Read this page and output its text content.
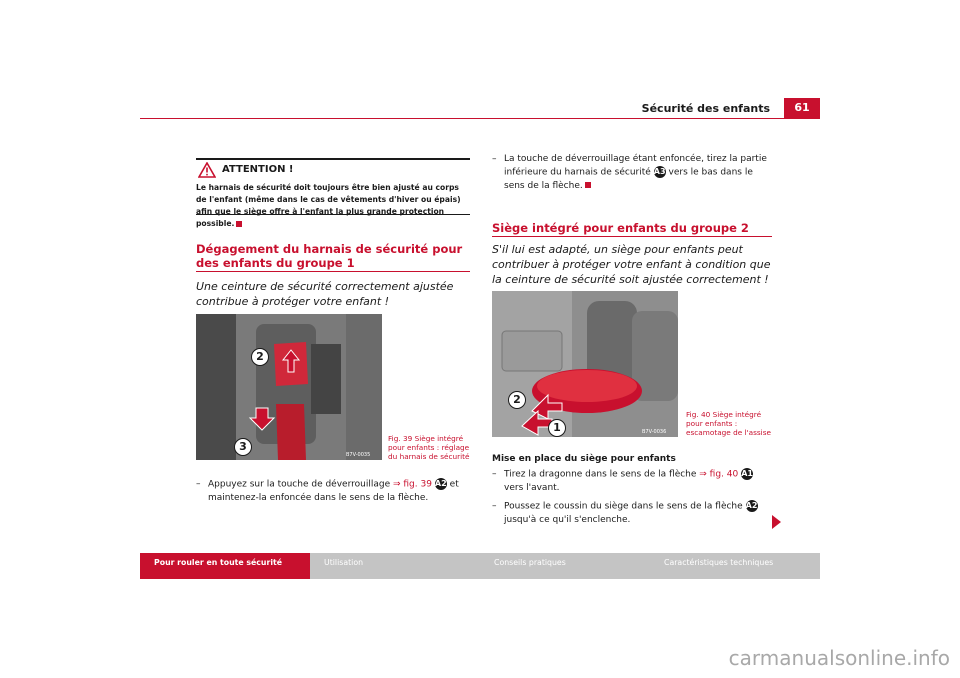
Sécurité des enfants	61
ATTENTION !
Le harnais de sécurité doit toujours être bien ajusté au corps de l'enfant (même dans le cas de vêtements d'hiver ou épais) afin que le siège offre à l'enfant la plus grande protection possible.
Dégagement du harnais de sécurité pour des enfants du groupe 1

Une ceinture de sécurité correctement ajustée contribue à protéger votre enfant !

2
3
B7V-0035
Fig. 39 Siège intégré pour enfants : réglage du harnais de sécurité
– Appuyez sur la touche de déverrouillage ⇒ fig. 39 A2 et maintenez-la enfoncée dans le sens de la flèche.
– La touche de déverrouillage étant enfoncée, tirez la partie inférieure du harnais de sécurité A3 vers le bas dans le sens de la flèche.
Siège intégré pour enfants du groupe 2

S'il lui est adapté, un siège pour enfants peut contribuer à protéger votre enfant à condition que la ceinture de sécurité soit ajustée correctement !

2
1	B7V-0036
Fig. 40 Siège intégré pour enfants : escamotage de l'assise
Mise en place du siège pour enfants
– Tirez la dragonne dans le sens de la flèche ⇒ fig. 40 A1 vers l'avant.
– Poussez le coussin du siège dans le sens de la flèche A2 jusqu'à ce qu'il s'enclenche.
Pour rouler en toute sécurité	Utilisation	Conseils pratiques	Caractéristiques techniques
carmanualsonline.info
